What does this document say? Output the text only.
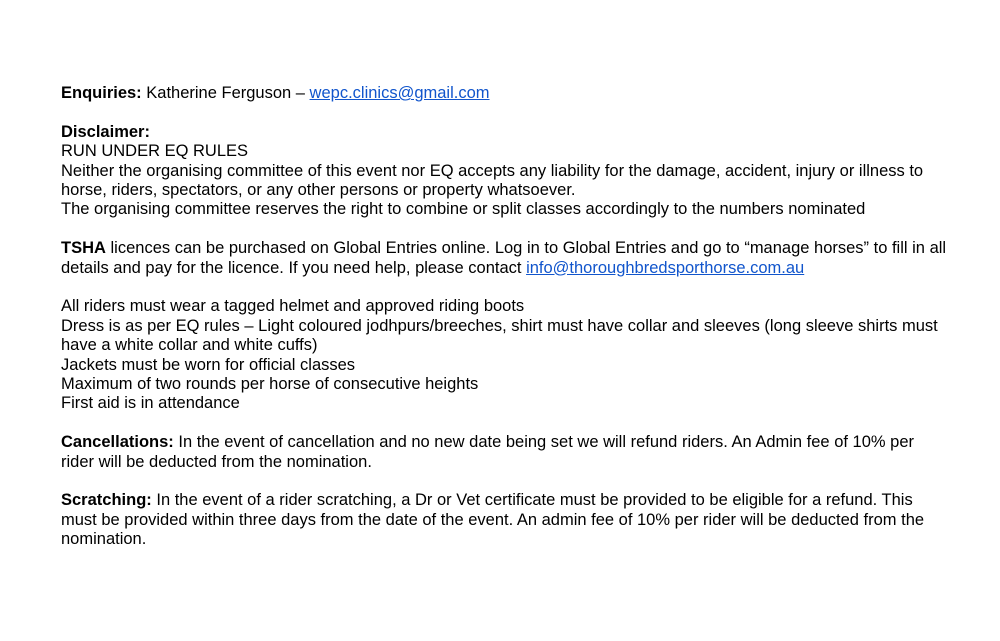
Enquiries: Katherine Ferguson – wepc.clinics@gmail.com

Disclaimer:
RUN UNDER EQ RULES
Neither the organising committee of this event nor EQ accepts any liability for the damage, accident, injury or illness to horse, riders, spectators, or any other persons or property whatsoever.
The organising committee reserves the right to combine or split classes accordingly to the numbers nominated

TSHA licences can be purchased on Global Entries online. Log in to Global Entries and go to “manage horses” to fill in all details and pay for the licence. If you need help, please contact info@thoroughbredsporthorse.com.au

All riders must wear a tagged helmet and approved riding boots
Dress is as per EQ rules – Light coloured jodhpurs/breeches, shirt must have collar and sleeves (long sleeve shirts must have a white collar and white cuffs)
Jackets must be worn for official classes
Maximum of two rounds per horse of consecutive heights
First aid is in attendance

Cancellations: In the event of cancellation and no new date being set we will refund riders. An Admin fee of 10% per rider will be deducted from the nomination.

Scratching: In the event of a rider scratching, a Dr or Vet certificate must be provided to be eligible for a refund. This must be provided within three days from the date of the event. An admin fee of 10% per rider will be deducted from the nomination.
